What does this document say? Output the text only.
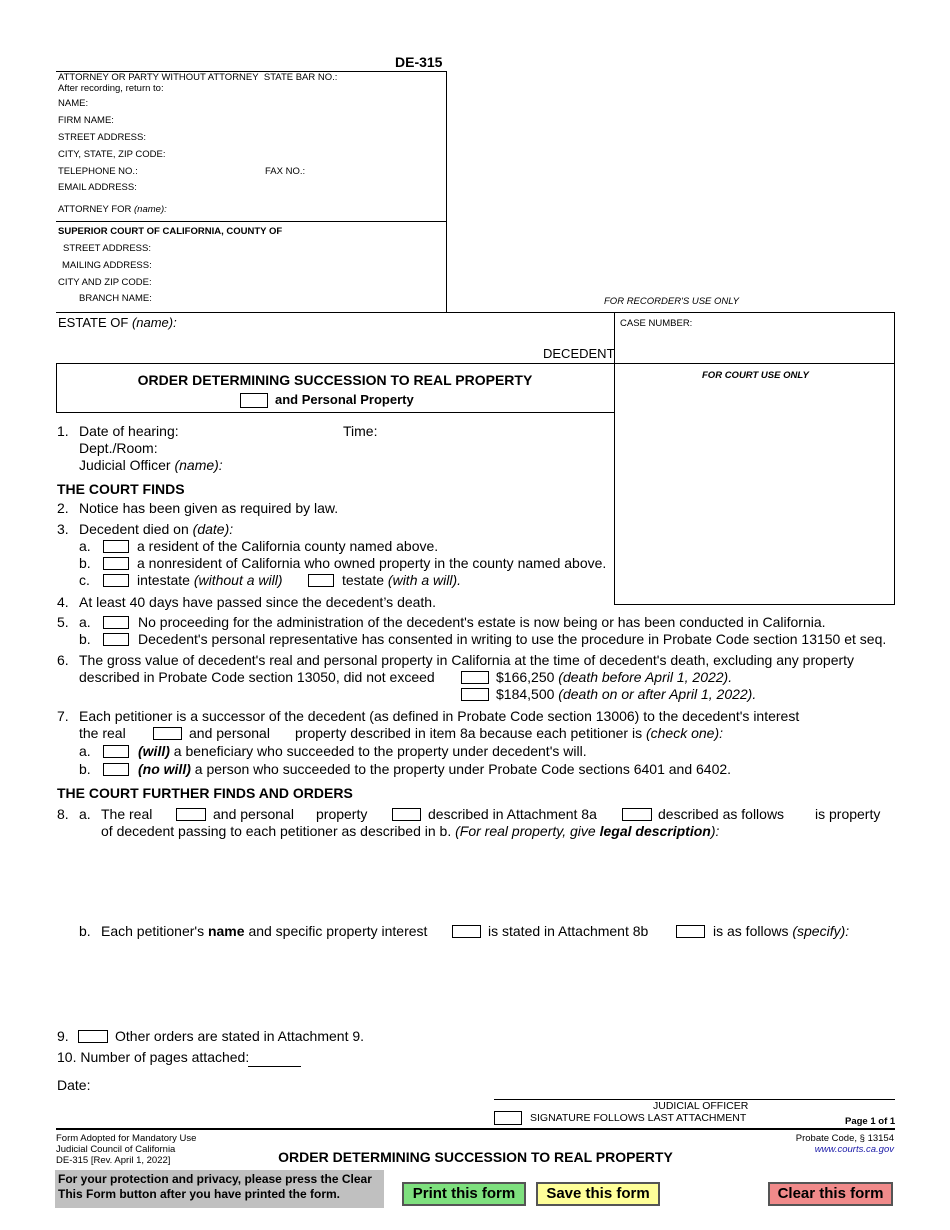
DE-315
ATTORNEY OR PARTY WITHOUT ATTORNEY STATE BAR NO.:
After recording, return to:
NAME:
FIRM NAME:
STREET ADDRESS:
CITY, STATE, ZIP CODE:
TELEPHONE NO.:	FAX NO.:
EMAIL ADDRESS:
ATTORNEY FOR (name):
SUPERIOR COURT OF CALIFORNIA, COUNTY OF
STREET ADDRESS:
MAILING ADDRESS:
CITY AND ZIP CODE:
BRANCH NAME:	FOR RECORDER'S USE ONLY
ESTATE OF (name):
DECEDENT
CASE NUMBER:
FOR COURT USE ONLY
ORDER DETERMINING SUCCESSION TO REAL PROPERTY
and Personal Property
1. Date of hearing:	Time:
Dept./Room:
Judicial Officer (name):
THE COURT FINDS
2. Notice has been given as required by law.
3. Decedent died on (date):
a.	a resident of the California county named above.
b.	a nonresident of California who owned property in the county named above.
c.	intestate (without a will)	testate (with a will).
4. At least 40 days have passed since the decedent’s death.
5. a.	No proceeding for the administration of the decedent's estate is now being or has been conducted in California.
b.	Decedent's personal representative has consented in writing to use the procedure in Probate Code section 13150 et seq.
6. The gross value of decedent's real and personal property in California at the time of decedent's death, excluding any property
described in Probate Code section 13050, did not exceed	$166,250 (death before April 1, 2022).
$184,500 (death on or after April 1, 2022).
7. Each petitioner is a successor of the decedent (as defined in Probate Code section 13006) to the decedent's interest
the real	and personal property described in item 8a because each petitioner is (check one):
a.	(will) a beneficiary who succeeded to the property under decedent's will.
b.	(no will) a person who succeeded to the property under Probate Code sections 6401 and 6402.
THE COURT FURTHER FINDS AND ORDERS
8. a. The real	and personal property	described in Attachment 8a	described as follows is property
of decedent passing to each petitioner as described in b. (For real property, give legal description):
b. Each petitioner's name and specific property interest	is stated in Attachment 8b	is as follows (specify):
9.	Other orders are stated in Attachment 9.
10. Number of pages attached:
Date:
JUDICIAL OFFICER
SIGNATURE FOLLOWS LAST ATTACHMENT	Page 1 of 1
Form Adopted for Mandatory Use
Judicial Council of California
DE-315 [Rev. April 1, 2022]	ORDER DETERMINING SUCCESSION TO REAL PROPERTY
Probate Code, § 13154
www.courts.ca.gov
For your protection and privacy, please press the Clear
This Form button after you have printed the form.	Print this form	Save this form	Clear this form
